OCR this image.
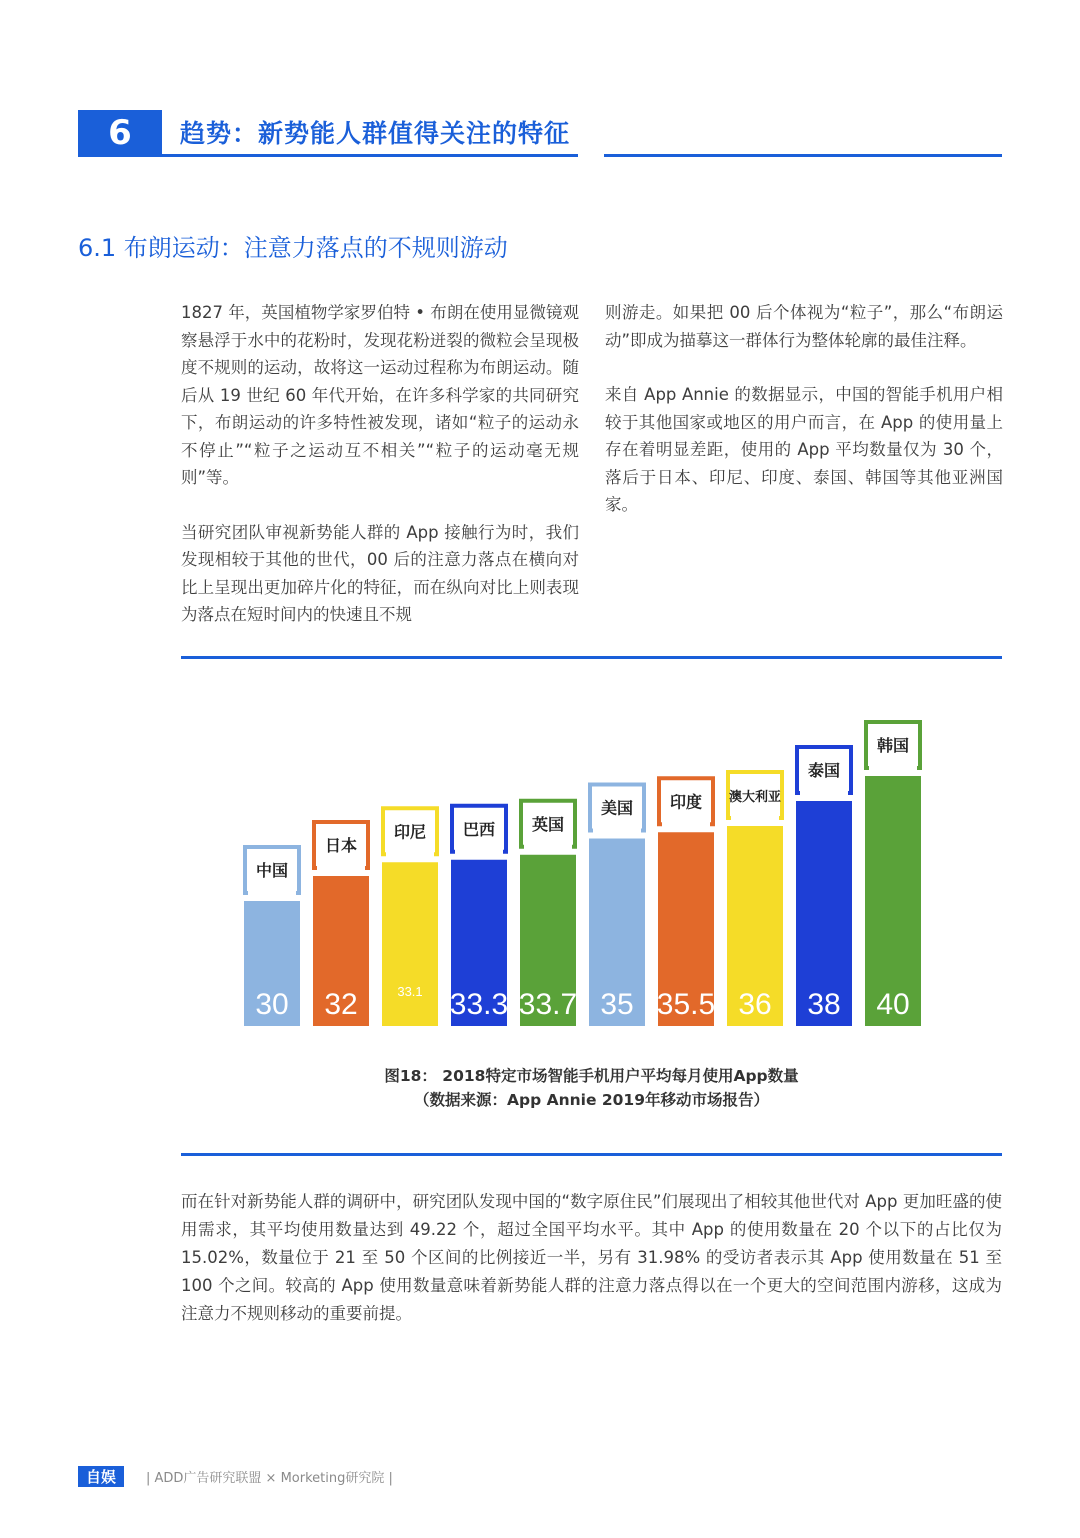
6	趋势：新势能人群值得关注的特征
6.1 布朗运动：注意力落点的不规则游动

1827 年，英国植物学家罗伯特 • 布朗在使用显微镜观察悬浮于水中的花粉时，发现花粉迸裂的微粒会呈现极度不规则的运动，故将这一运动过程称为布朗运动。随后从 19 世纪 60 年代开始，在许多科学家的共同研究下，布朗运动的许多特性被发现，诸如“粒子的运动永不停止”“粒子之运动互不相关”“粒子的运动毫无规则”等。

当研究团队审视新势能人群的 App 接触行为时，我们发现相较于其他的世代，00 后的注意力落点在横向对比上呈现出更加碎片化的特征，而在纵向对比上则表现为落点在短时间内的快速且不规

则游走。如果把 00 后个体视为“粒子”，那么“布朗运动”即成为描摹这一群体行为整体轮廓的最佳注释。

来自 App Annie 的数据显示，中国的智能手机用户相较于其他国家或地区的用户而言，在 App 的使用量上存在着明显差距，使用的 App 平均数量仅为 30 个，落后于日本、印尼、印度、泰国、韩国等其他亚洲国家。

中国
30
日本
32
印尼
33.1
巴西
33.3
英国
33.7
美国
35
印度
35.5
澳大利亚
36
泰国
38
韩国
40
图18： 2018特定市场智能手机用户平均每月使用App数量
（数据来源：App Annie 2019年移动市场报告）
而在针对新势能人群的调研中，研究团队发现中国的“数字原住民”们展现出了相较其他世代对 App 更加旺盛的使用需求，其平均使用数量达到 49.22 个，超过全国平均水平。其中 App 的使用数量在 20 个以下的占比仅为 15.02%，数量位于 21 至 50 个区间的比例接近一半，另有 31.98% 的受访者表示其 App 使用数量在 51 至 100 个之间。较高的 App 使用数量意味着新势能人群的注意力落点得以在一个更大的空间范围内游移，这成为注意力不规则移动的重要前提。
自娱	| ADD广告研究联盟 × Morketing研究院 |
